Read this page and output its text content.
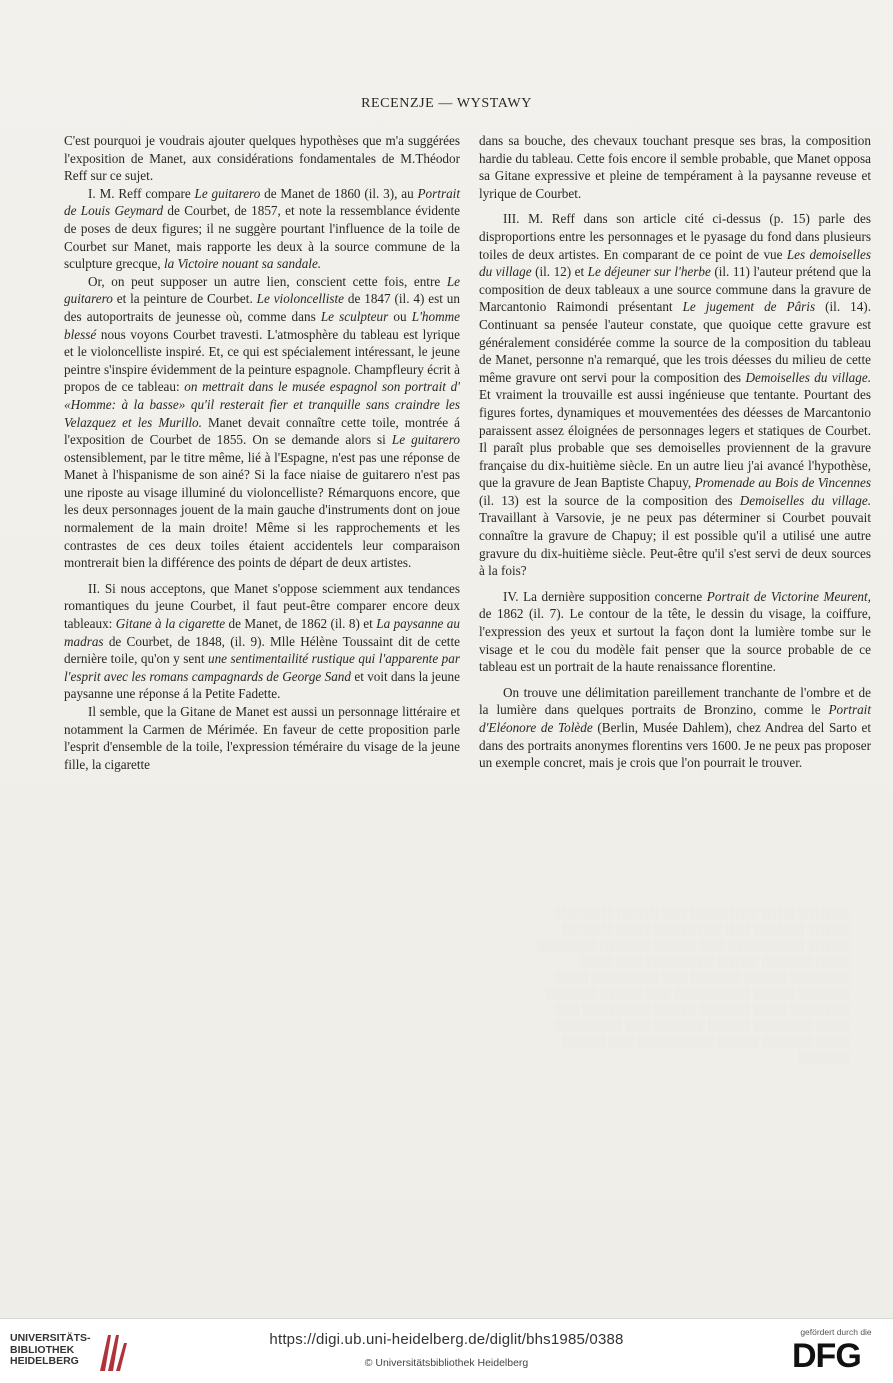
RECENZJE — WYSTAWY

C'est pourquoi je voudrais ajouter quelques hypothèses que m'a suggérées l'exposition de Manet, aux considérations fondamentales de M.Théodor Reff sur ce sujet.

I. M. Reff compare Le guitarero de Manet de 1860 (il. 3), au Portrait de Louis Geymard de Courbet, de 1857, et note la ressemblance évidente de poses de deux figures; il ne suggère pourtant l'influence de la toile de Courbet sur Manet, mais rapporte les deux à la source commune de la sculpture grecque, la Victoire nouant sa sandale.

Or, on peut supposer un autre lien, conscient cette fois, entre Le guitarero et la peinture de Courbet. Le violoncelliste de 1847 (il. 4) est un des autoportraits de jeunesse où, comme dans Le sculpteur ou L'homme blessé nous voyons Courbet travesti. L'atmosphère du tableau est lyrique et le violoncelliste inspiré. Et, ce qui est spécialement intéressant, le jeune peintre s'inspire évidemment de la peinture espagnole. Champfleury écrit à propos de ce tableau: on mettrait dans le musée espagnol son portrait d' «Homme: à la basse» qu'il resterait fier et tranquille sans craindre les Velazquez et les Murillo. Manet devait connaître cette toile, montrée á l'exposition de Courbet de 1855. On se demande alors si Le guitarero ostensiblement, par le titre même, lié à l'Espagne, n'est pas une réponse de Manet à l'hispanisme de son ainé? Si la face niaise de guitarero n'est pas une riposte au visage illuminé du violoncelliste? Rémarquons encore, que les deux personnages jouent de la main gauche d'instruments dont on joue normalement de la main droite! Même si les rapprochements et les contrastes de ces deux toiles étaient accidentels leur comparaison montrerait bien la différence des points de départ de deux artistes.

II. Si nous acceptons, que Manet s'oppose sciemment aux tendances romantiques du jeune Courbet, il faut peut-être comparer encore deux tableaux: Gitane à la cigarette de Manet, de 1862 (il. 8) et La paysanne au madras de Courbet, de 1848, (il. 9). Mlle Hélène Toussaint dit de cette dernière toile, qu'on y sent une sentimentailité rustique qui l'apparente par l'esprit avec les romans campagnards de George Sand et voit dans la jeune paysanne une réponse á la Petite Fadette.

Il semble, que la Gitane de Manet est aussi un personnage littéraire et notamment la Carmen de Mérimée. En faveur de cette proposition parle l'esprit d'ensemble de la toile, l'expression téméraire du visage de la jeune fille, la cigarette

dans sa bouche, des chevaux touchant presque ses bras, la composition hardie du tableau. Cette fois encore il semble probable, que Manet opposa sa Gitane expressive et pleine de tempérament à la paysanne reveuse et lyrique de Courbet.

III. M. Reff dans son article cité ci-dessus (p. 15) parle des disproportions entre les personnages et le pyasage du fond dans plusieurs toiles de deux artistes. En comparant de ce point de vue Les demoiselles du village (il. 12) et Le déjeuner sur l'herbe (il. 11) l'auteur prétend que la composition de deux tableaux a une source commune dans la gravure de Marcantonio Raimondi présentant Le jugement de Pâris (il. 14). Continuant sa pensée l'auteur constate, que quoique cette gravure est généralement considérée comme la source de la composition du tableau de Manet, personne n'a remarqué, que les trois déesses du milieu de cette même gravure ont servi pour la composition des Demoiselles du village. Et vraiment la trouvaille est aussi ingénieuse que tentante. Pourtant des figures fortes, dynamiques et mouvementées des déesses de Marcantonio paraissent assez éloignées de personnages legers et statiques de Courbet. Il paraît plus probable que ses demoiselles proviennent de la gravure française du dix-huitième siècle. En un autre lieu j'ai avancé l'hypothèse, que la gravure de Jean Baptiste Chapuy, Promenade au Bois de Vincennes (il. 13) est la source de la composition des Demoiselles du village. Travaillant à Varsovie, je ne peux pas déterminer si Courbet pouvait connaître la gravure de Chapuy; il est possible qu'il a utilisé une autre gravure du dix-huitième siècle. Peut-être qu'il s'est servi de deux sources à la fois?

IV. La dernière supposition concerne Portrait de Victorine Meurent, de 1862 (il. 7). Le contour de la tête, le dessin du visage, la coiffure, l'expression des yeux et surtout la façon dont la lumière tombe sur le visage et le cou du modèle fait penser que la source probable de ce tableau est un portrait de la haute renaissance florentine.

On trouve une délimitation pareillement tranchante de l'ombre et de la lumière dans quelques portraits de Bronzino, comme le Portrait d'Eléonore de Tolède (Berlin, Musée Dahlem), chez Andrea del Sarto et dans des portraits anonymes florentins vers 1600. Je ne peux pas proposer un exemple concret, mais je crois que l'on pourrait le trouver.

░░░░░░ ░░░░ ░░░░░░░░ ░░░ ░░░░░ ░░░░░░░ ░░░░░ ░░░░░░ ░░░ ░░░░░░░░ ░░░░ ░░░░░░ ░░░░░ ░░░░░░░░░ ░░░ ░░░░░ ░░░░░░ ░░░░░░░ ░░░░ ░░░░░░ ░░░░░ ░░░░░░░░ ░░░ ░░░░ ░░░░░░░ ░░░░░ ░░░░░░ ░░░ ░░░░░░░░ ░░░░ ░░░░░░ ░░░░░ ░░░░░░░░░ ░░░ ░░░░░ ░░░░░░ ░░░░░░░ ░░░░ ░░░░░░ ░░░░░ ░░░░░░░░ ░░░ ░░░░ ░░░░░░░ ░░░░░ ░░░░░░ ░░░ ░░░░░░░░ ░░░░ ░░░░░░ ░░░░░ ░░░░░░░░░ ░░░ ░░░░░ ░░░░░░
UNIVERSITÄTS-
BIBLIOTHEK
HEIDELBERG
https://digi.ub.uni-heidelberg.de/diglit/bhs1985/0388
© Universitätsbibliothek Heidelberg
gefördert durch die
DFG
